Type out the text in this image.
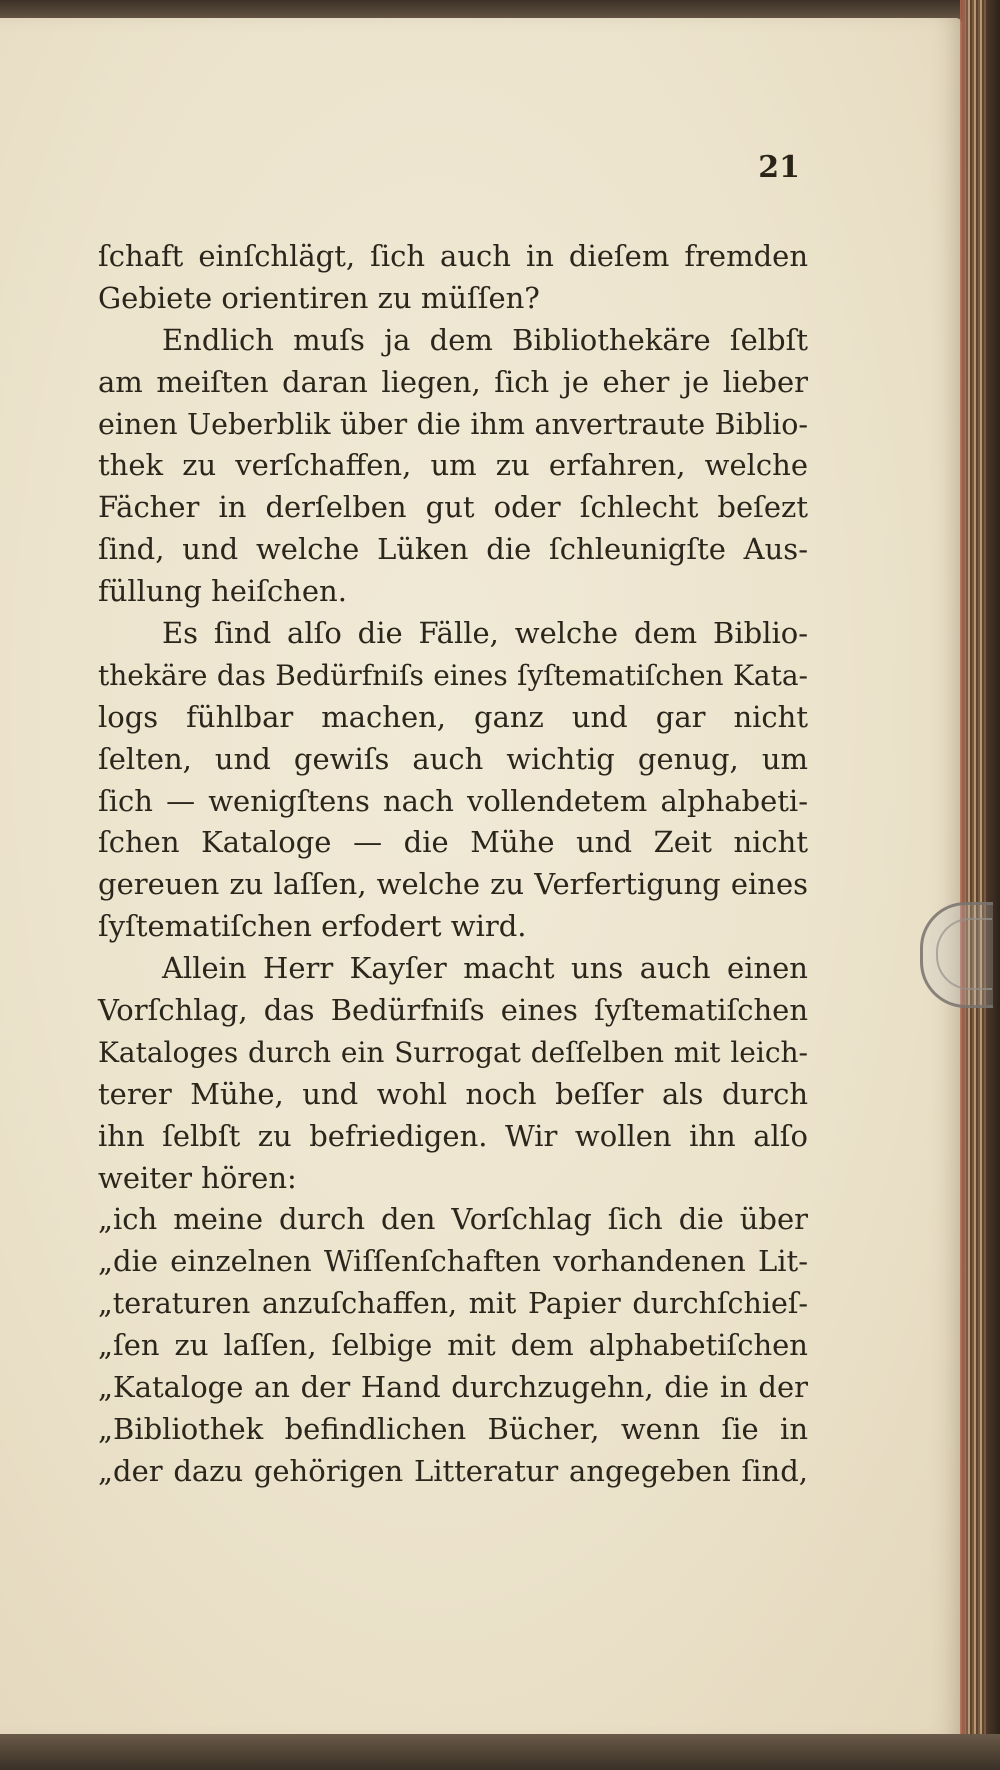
21
ſchaft einſchlägt, ſich auch in dieſem fremden
Gebiete orientiren zu müſſen?
Endlich muſs ja dem Bibliothekäre ſelbſt
am meiſten daran liegen, ſich je eher je lieber
einen Ueberblik über die ihm anvertraute Biblio-
thek zu verſchaffen, um zu erfahren, welche
Fächer in derſelben gut oder ſchlecht beſezt
ſind, und welche Lüken die ſchleunigſte Aus-
füllung heiſchen.
Es ſind alſo die Fälle, welche dem Biblio-
thekäre das Bedürfniſs eines ſyſtematiſchen Kata-
logs fühlbar machen, ganz und gar nicht
ſelten, und gewiſs auch wichtig genug, um
ſich — wenigſtens nach vollendetem alphabeti-
ſchen Kataloge — die Mühe und Zeit nicht
gereuen zu laſſen, welche zu Verfertigung eines
ſyſtematiſchen erfodert wird.
Allein Herr Kayſer macht uns auch einen
Vorſchlag, das Bedürfniſs eines ſyſtematiſchen
Kataloges durch ein Surrogat deſſelben mit leich-
terer Mühe, und wohl noch beſſer als durch
ihn ſelbſt zu befriedigen. Wir wollen ihn alſo
weiter hören:
„ich meine durch den Vorſchlag ſich die über
„die einzelnen Wiſſenſchaften vorhandenen Lit-
„teraturen anzuſchaffen, mit Papier durchſchieſ-
„ſen zu laſſen, ſelbige mit dem alphabetiſchen
„Kataloge an der Hand durchzugehn, die in der
„Bibliothek befindlichen Bücher, wenn ſie in
„der dazu gehörigen Litteratur angegeben ſind,
